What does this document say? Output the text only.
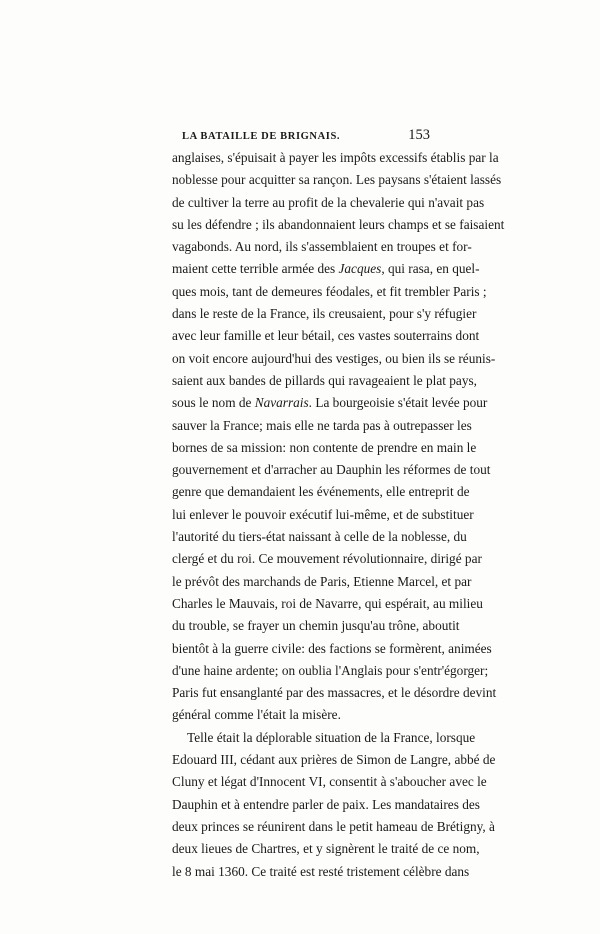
LA BATAILLE DE BRIGNAIS.	153

anglaises, s'épuisait à payer les impôts excessifs établis par la
noblesse pour acquitter sa rançon. Les paysans s'étaient lassés
de cultiver la terre au profit de la chevalerie qui n'avait pas
su les défendre ; ils abandonnaient leurs champs et se faisaient
vagabonds. Au nord, ils s'assemblaient en troupes et for-
maient cette terrible armée des Jacques, qui rasa, en quel-
ques mois, tant de demeures féodales, et fit trembler Paris ;
dans le reste de la France, ils creusaient, pour s'y réfugier
avec leur famille et leur bétail, ces vastes souterrains dont
on voit encore aujourd'hui des vestiges, ou bien ils se réunis-
saient aux bandes de pillards qui ravageaient le plat pays,
sous le nom de Navarrais. La bourgeoisie s'était levée pour
sauver la France; mais elle ne tarda pas à outrepasser les
bornes de sa mission: non contente de prendre en main le
gouvernement et d'arracher au Dauphin les réformes de tout
genre que demandaient les événements, elle entreprit de
lui enlever le pouvoir exécutif lui-même, et de substituer
l'autorité du tiers-état naissant à celle de la noblesse, du
clergé et du roi. Ce mouvement révolutionnaire, dirigé par
le prévôt des marchands de Paris, Etienne Marcel, et par
Charles le Mauvais, roi de Navarre, qui espérait, au milieu
du trouble, se frayer un chemin jusqu'au trône, aboutit
bientôt à la guerre civile: des factions se formèrent, animées
d'une haine ardente; on oublia l'Anglais pour s'entr'égorger;
Paris fut ensanglanté par des massacres, et le désordre devint
général comme l'était la misère.

Telle était la déplorable situation de la France, lorsque
Edouard III, cédant aux prières de Simon de Langre, abbé de
Cluny et légat d'Innocent VI, consentit à s'aboucher avec le
Dauphin et à entendre parler de paix. Les mandataires des
deux princes se réunirent dans le petit hameau de Brétigny, à
deux lieues de Chartres, et y signèrent le traité de ce nom,
le 8 mai 1360. Ce traité est resté tristement célèbre dans
